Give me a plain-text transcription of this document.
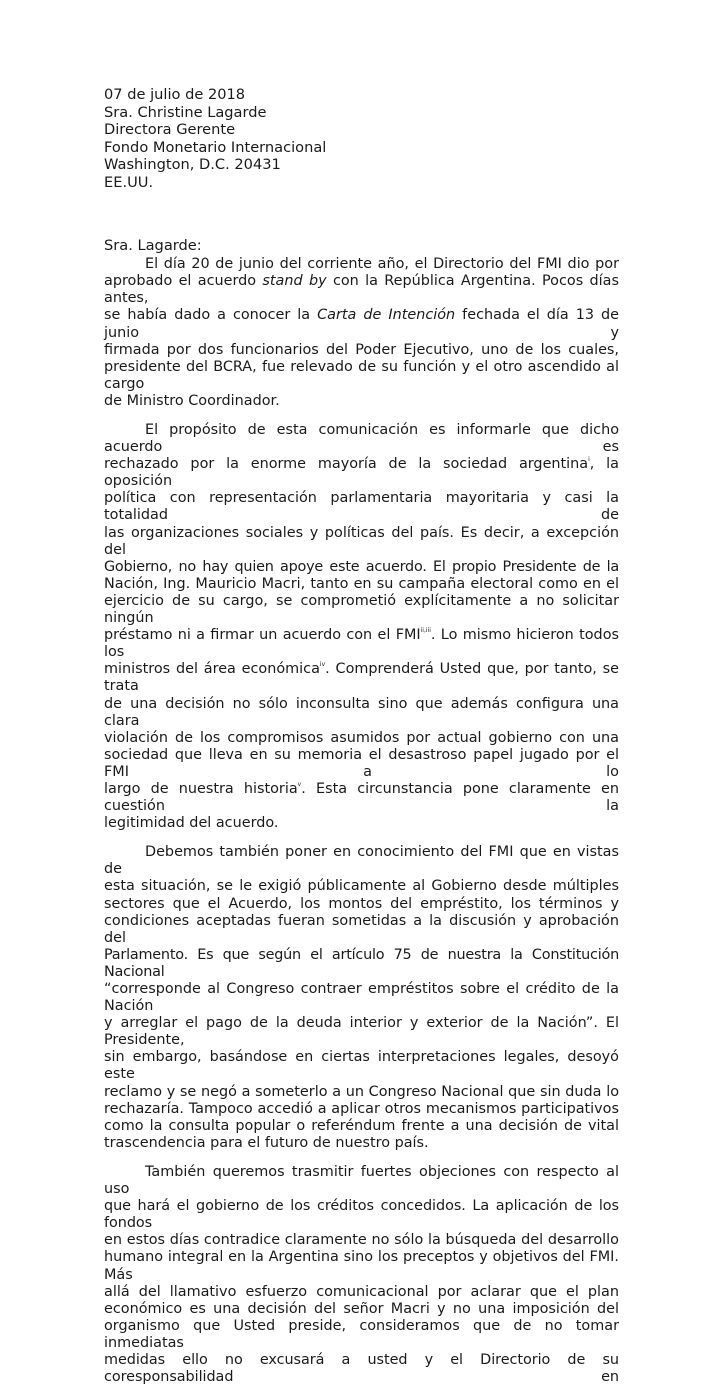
07 de julio de 2018
Sra. Christine Lagarde
Directora Gerente
Fondo Monetario Internacional
Washington, D.C. 20431
EE.UU.
Sra. Lagarde:
El día 20 de junio del corriente año, el Directorio del FMI dio por
aprobado el acuerdo stand by con la República Argentina. Pocos días antes,
se había dado a conocer la Carta de Intención fechada el día 13 de junio y
firmada por dos funcionarios del Poder Ejecutivo, uno de los cuales,
presidente del BCRA, fue relevado de su función y el otro ascendido al cargo
de Ministro Coordinador.
El propósito de esta comunicación es informarle que dicho acuerdo es
rechazado por la enorme mayoría de la sociedad argentina$^i$, la oposición
política con representación parlamentaria mayoritaria y casi la totalidad de
las organizaciones sociales y políticas del país. Es decir, a excepción del
Gobierno, no hay quien apoye este acuerdo. El propio Presidente de la
Nación, Ing. Mauricio Macri, tanto en su campaña electoral como en el
ejercicio de su cargo, se comprometió explícitamente a no solicitar ningún
préstamo ni a firmar un acuerdo con el $FMI^{ii,iii}$. Lo mismo hicieron todos los
ministros del área económica$^{iv}$. Comprenderá Usted que, por tanto, se trata
de una decisión no sólo inconsulta sino que además configura una clara
violación de los compromisos asumidos por actual gobierno con una
sociedad que lleva en su memoria el desastroso papel jugado por el FMI a lo
largo de nuestra historia$^v$. Esta circunstancia pone claramente en cuestión la
legitimidad del acuerdo.
Debemos también poner en conocimiento del FMI que en vistas de
esta situación, se le exigió públicamente al Gobierno desde múltiples
sectores que el Acuerdo, los montos del empréstito, los términos y
condiciones aceptadas fueran sometidas a la discusión y aprobación del
Parlamento. Es que según el artículo 75 de nuestra la Constitución Nacional
“corresponde al Congreso contraer empréstitos sobre el crédito de la Nación
y arreglar el pago de la deuda interior y exterior de la Nación”. El Presidente,
sin embargo, basándose en ciertas interpretaciones legales, desoyó este
reclamo y se negó a someterlo a un Congreso Nacional que sin duda lo
rechazaría. Tampoco accedió a aplicar otros mecanismos participativos
como la consulta popular o referéndum frente a una decisión de vital
trascendencia para el futuro de nuestro país.
También queremos trasmitir fuertes objeciones con respecto al uso
que hará el gobierno de los créditos concedidos. La aplicación de los fondos
en estos días contradice claramente no sólo la búsqueda del desarrollo
humano integral en la Argentina sino los preceptos y objetivos del FMI. Más
allá del llamativo esfuerzo comunicacional por aclarar que el plan
económico es una decisión del señor Macri y no una imposición del
organismo que Usted preside, consideramos que de no tomar inmediatas
medidas ello no excusará a usted y el Directorio de su coresponsabilidad en
